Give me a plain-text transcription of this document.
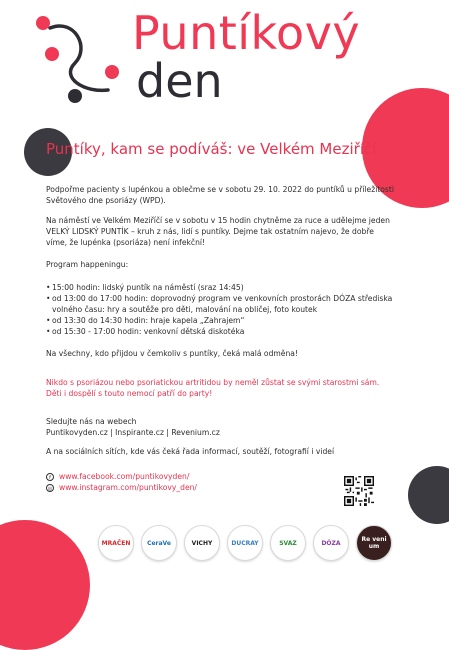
Puntíkový
den
Puntíky, kam se podíváš: ve Velkém Meziříčí

Podpořme pacienty s lupénkou a oblečme se v sobotu 29. 10. 2022 do puntíků u příležitosti Světového dne psoriázy (WPD).

Na náměstí ve Velkém Meziříčí se v sobotu v 15 hodin chytněme za ruce a udělejme jeden VELKÝ LIDSKÝ PUNTÍK – kruh z nás, lidí s puntíky. Dejme tak ostatním najevo, že dobře víme, že lupénka (psoriáza) není infekční!

Program happeningu:

• 15:00 hodin: lidský puntík na náměstí (sraz 14:45)
• od 13:00 do 17:00 hodin: doprovodný program ve venkovních prostorách DÓZA střediska volného času: hry a soutěže pro děti, malování na obličej, foto koutek
• od 13:30 do 14:30 hodin: hraje kapela „Zahrajem“
• od 15:30 - 17:00 hodin: venkovní dětská diskotéka

Na všechny, kdo přijdou v čemkoliv s puntíky, čeká malá odměna!

Nikdo s psoriázou nebo psoriatickou artritidou by neměl zůstat se svými starostmi sám.

Děti i dospělí s touto nemocí patří do party!

Sledujte nás na webech

Puntikovyden.cz | Inspirante.cz | Revenium.cz

A na sociálních sítích, kde vás čeká řada informací, soutěží, fotografií i videí

f	www.facebook.com/puntikovyden/
◎ www.instagram.com/puntikovy_den/
MRAČEN	CeraVe	VICHY	DUCRAY	SVAZ	DÓZA	Re veni um
